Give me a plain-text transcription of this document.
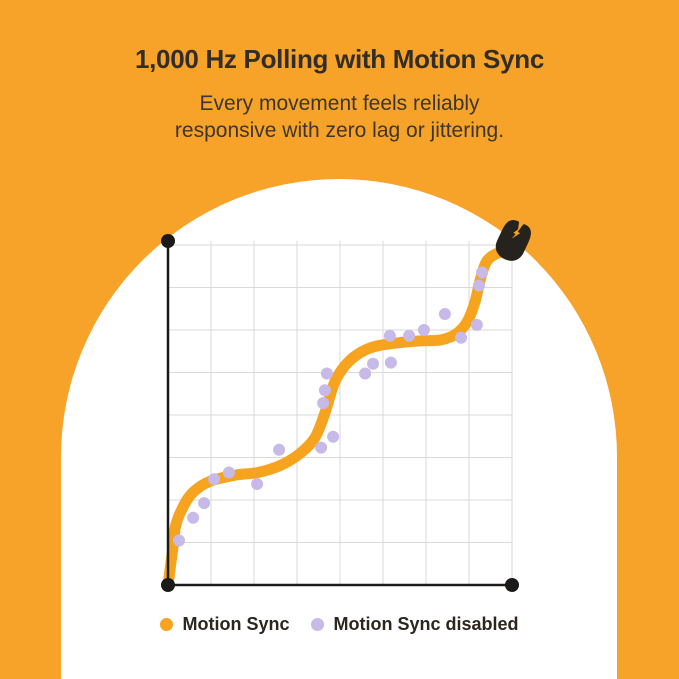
1,000 Hz Polling with Motion Sync
Every movement feels reliably
responsive with zero lag or jittering.
Motion Sync Motion Sync disabled
